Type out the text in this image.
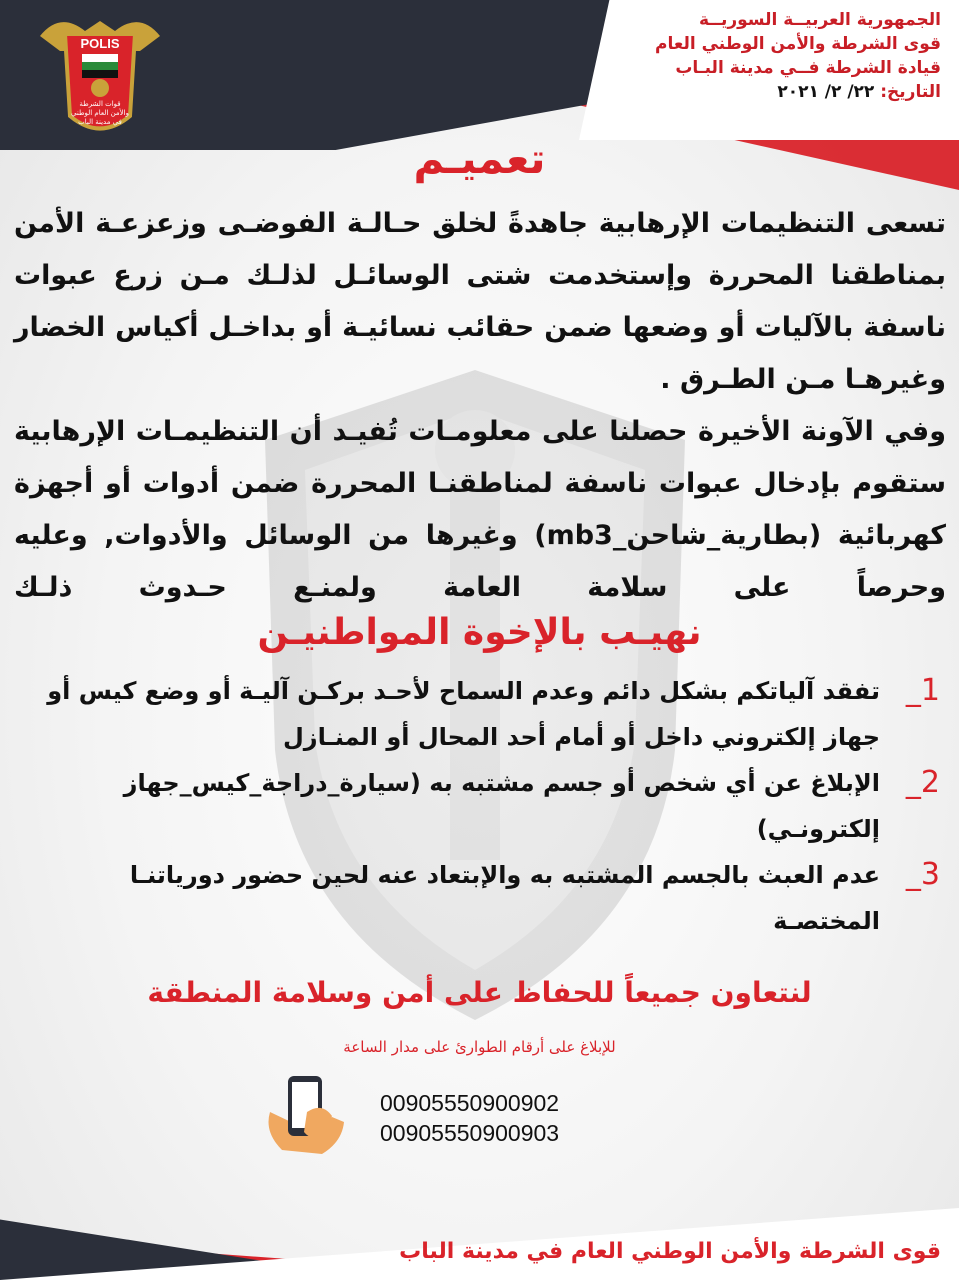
POLIS
قوات الشرطة
والأمن العام الوطني
في مدينة الباب
الجمهورية العربيــة السوريــة
قوى الشرطة والأمن الوطني العام
قيادة الشرطة فــي مدينة البـاب
التاريخ: ٢٢/ ٢/ ٢٠٢١
تعميـم

تسعى التنظيمات الإرهابية جاهدةً لخلق حـالـة الفوضـى وزعزعـة الأمن بمناطقنا المحررة وإستخدمت شتى الوسائـل لذلـك مـن زرع عبوات ناسفة بالآليات أو وضعها ضمن حقائب نسائيـة أو بداخـل أكياس الخضار وغيرهـا مـن الطـرق .

وفي الآونة الأخيرة حصلنا على معلومـات تُفيـد أن التنظيمـات الإرهابية ستقوم بإدخال عبوات ناسفة لمناطقنـا المحررة ضمن أدوات أو أجهزة كهربائية (بطارية_شاحن_mb3) وغيرها من الوسائل والأدوات, وعليه وحرصاً على سلامة العامة ولمنـع حـدوث ذلـك

نهيـب بالإخوة المواطنيـن
1_
تفقد آلياتكم بشكل دائم وعدم السماح لأحـد بركـن آليـة أو وضع كيس أو جهاز إلكتروني داخل أو أمام أحد المحال أو المنـازل
2_
الإبلاغ عن أي شخص أو جسم مشتبه به (سيارة_دراجة_كيس_جهاز إلكترونـي)
3_
عدم العبث بالجسم المشتبه به والإبتعاد عنه لحين حضور دورياتنـا المختصـة
لنتعاون جميعاً للحفاظ على أمن وسلامة المنطقة
للإبلاغ على أرقام الطوارئ على مدار الساعة
00905550900902
00905550900903
قوى الشرطة والأمن الوطني العام في مدينة الباب
